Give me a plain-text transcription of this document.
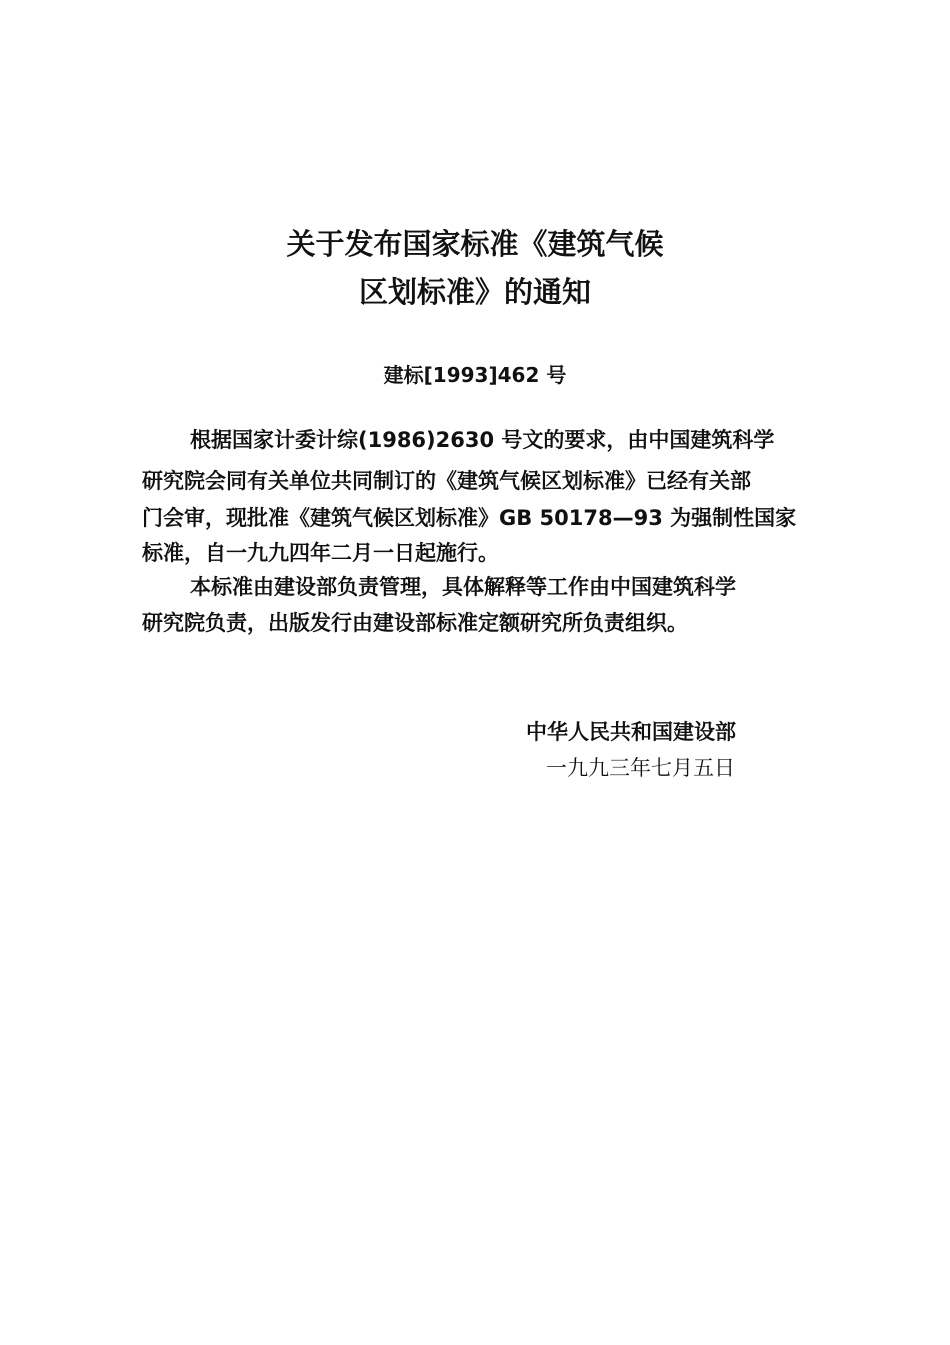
关于发布国家标准《建筑气候
区划标准》的通知
建标[1993]462 号
根据国家计委计综(1986)2630 号文的要求，由中国建筑科学
研究院会同有关单位共同制订的《建筑气候区划标准》已经有关部
门会审，现批准《建筑气候区划标准》GB 50178—93 为强制性国家
标准，自一九九四年二月一日起施行。
本标准由建设部负责管理，具体解释等工作由中国建筑科学
研究院负责，出版发行由建设部标准定额研究所负责组织。
中华人民共和国建设部
一九九三年七月五日
